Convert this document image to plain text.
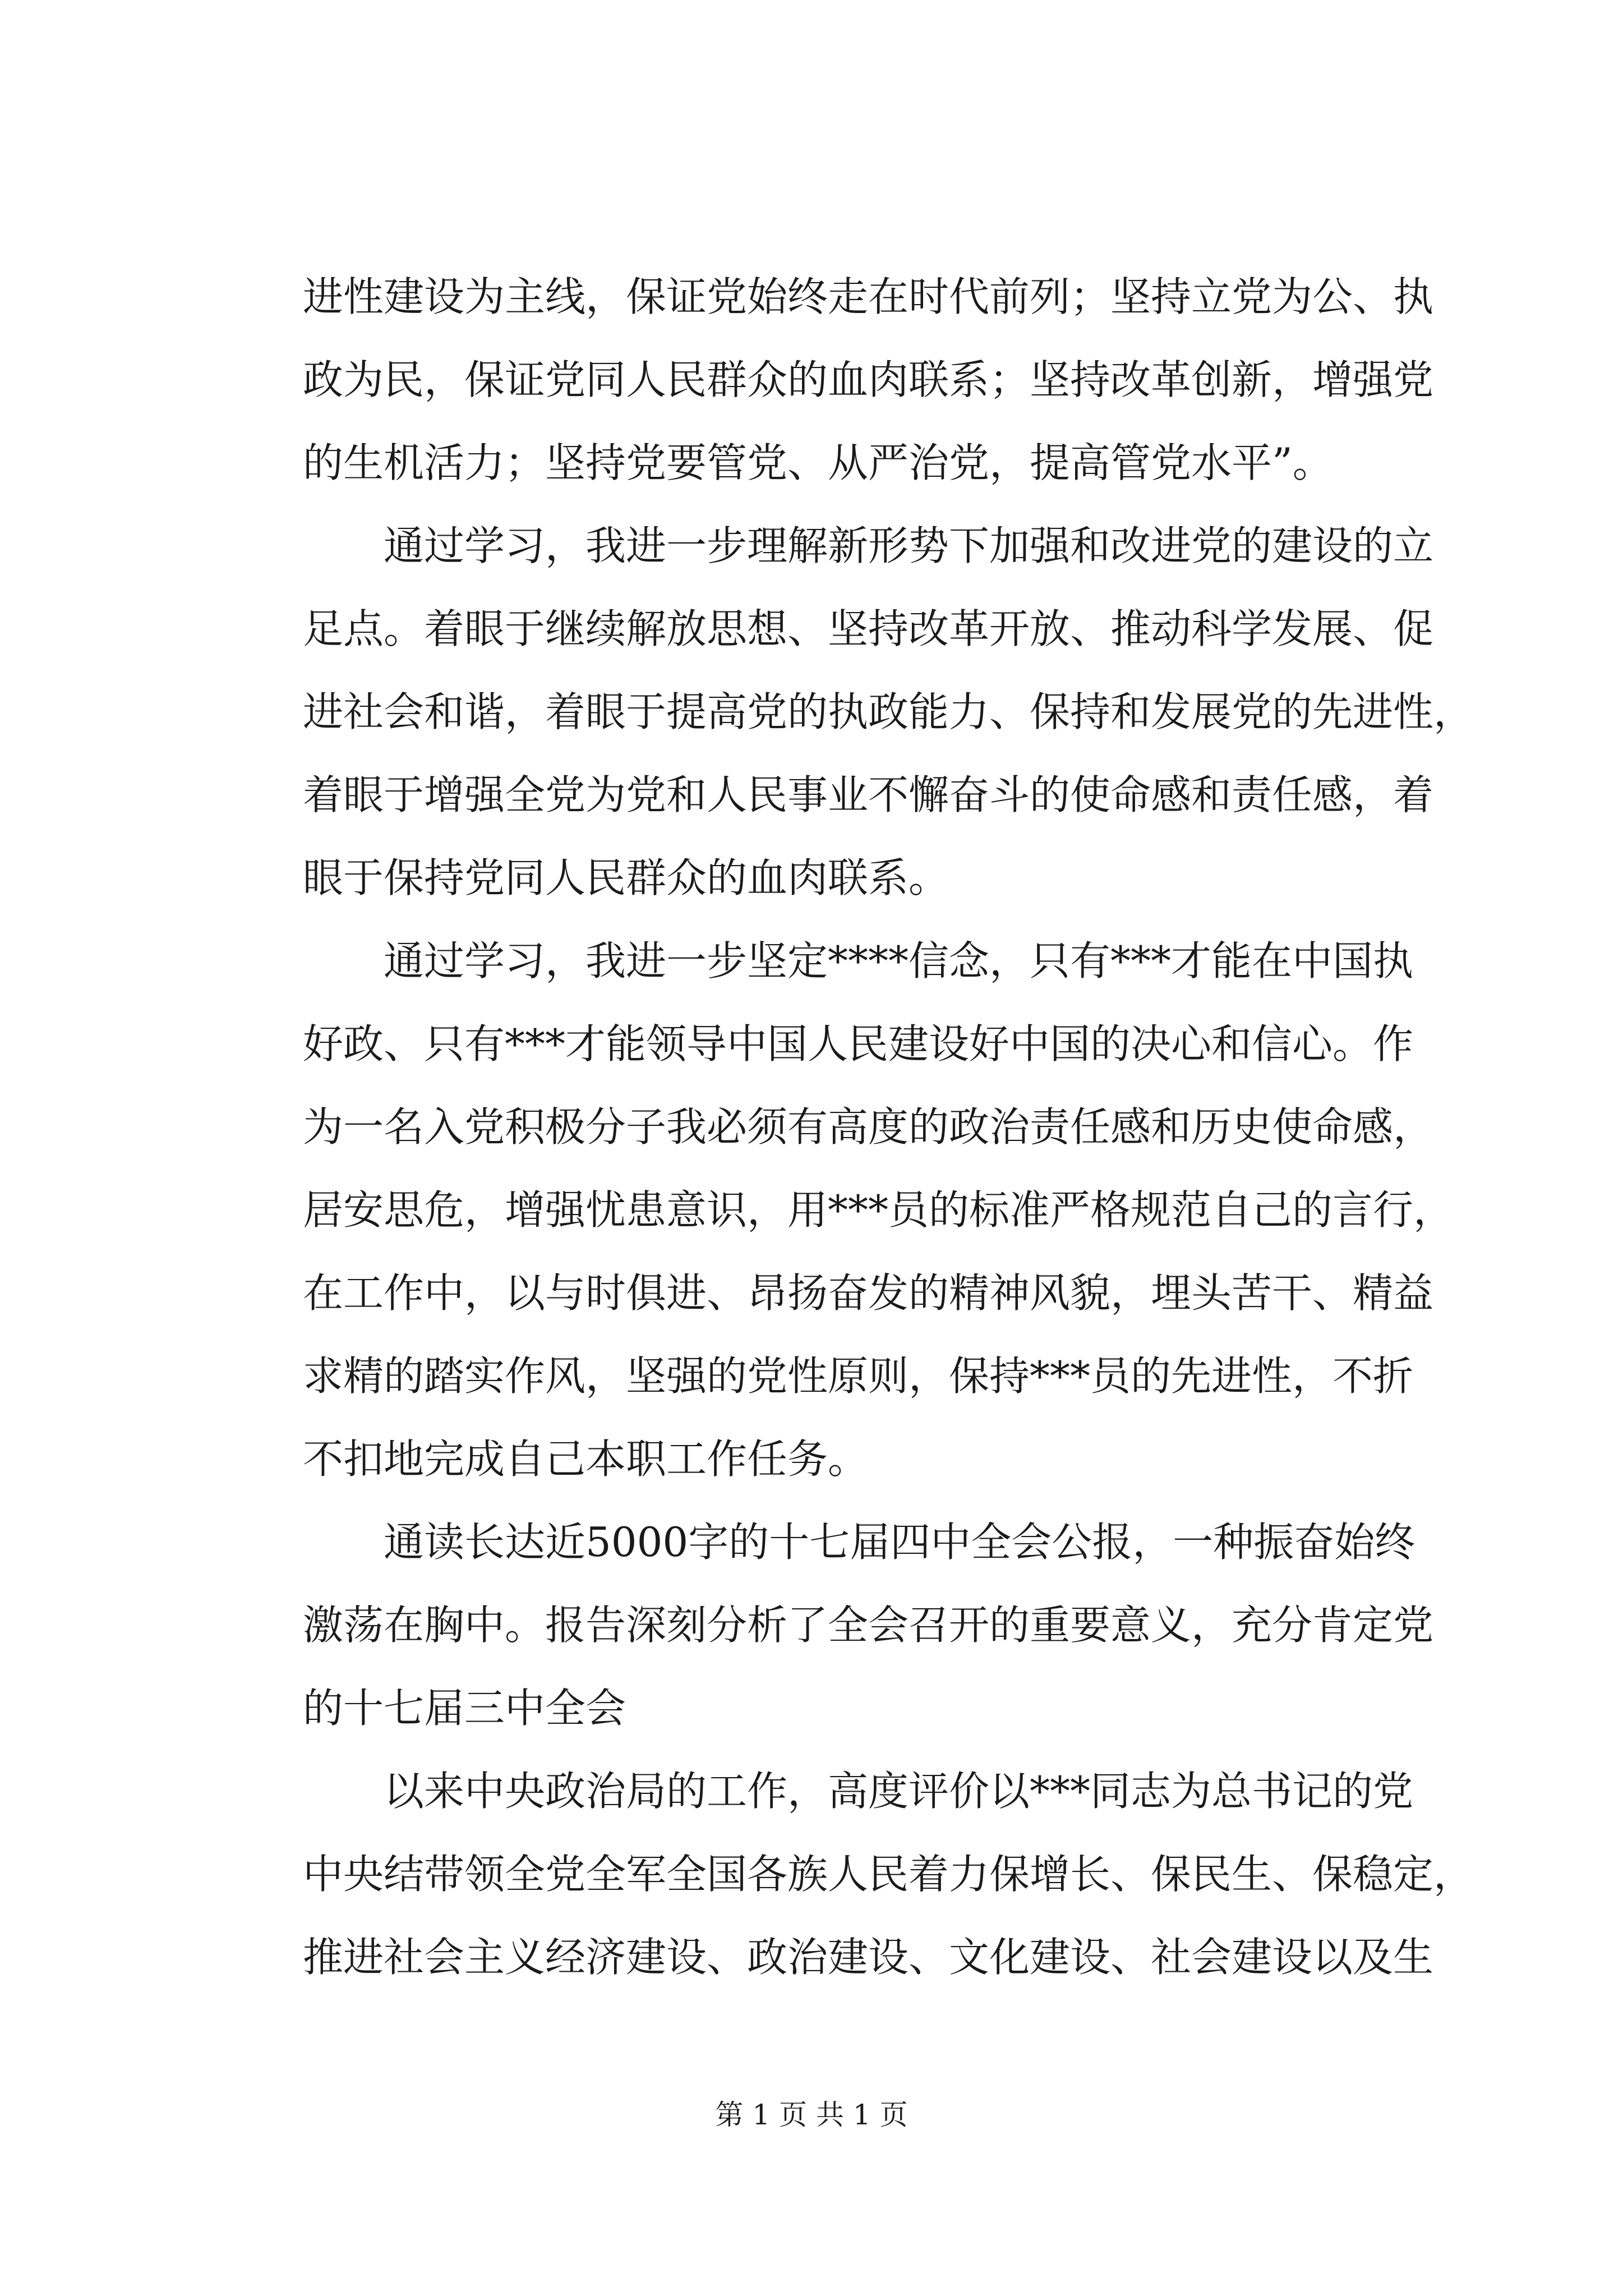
进性建设为主线，保证党始终走在时代前列；坚持立党为公、执
政为民，保证党同人民群众的血肉联系；坚持改革创新，增强党
的生机活力；坚持党要管党、从严治党，提高管党水平”。
通过学习，我进一步理解新形势下加强和改进党的建设的立
足点。着眼于继续解放思想、坚持改革开放、推动科学发展、促
进社会和谐，着眼于提高党的执政能力、保持和发展党的先进性，
着眼于增强全党为党和人民事业不懈奋斗的使命感和责任感，着
眼于保持党同人民群众的血肉联系。
通过学习，我进一步坚定****信念，只有***才能在中国执
好政、只有***才能领导中国人民建设好中国的决心和信心。作
为一名入党积极分子我必须有高度的政治责任感和历史使命感，
居安思危，增强忧患意识，用***员的标准严格规范自己的言行，
在工作中，以与时俱进、昂扬奋发的精神风貌，埋头苦干、精益
求精的踏实作风，坚强的党性原则，保持***员的先进性，不折
不扣地完成自己本职工作任务。
通读长达近5000字的十七届四中全会公报，一种振奋始终
激荡在胸中。报告深刻分析了全会召开的重要意义，充分肯定党
的十七届三中全会
以来中央政治局的工作，高度评价以***同志为总书记的党
中央结带领全党全军全国各族人民着力保增长、保民生、保稳定，
推进社会主义经济建设、政治建设、文化建设、社会建设以及生
第 1 页 共 1 页
